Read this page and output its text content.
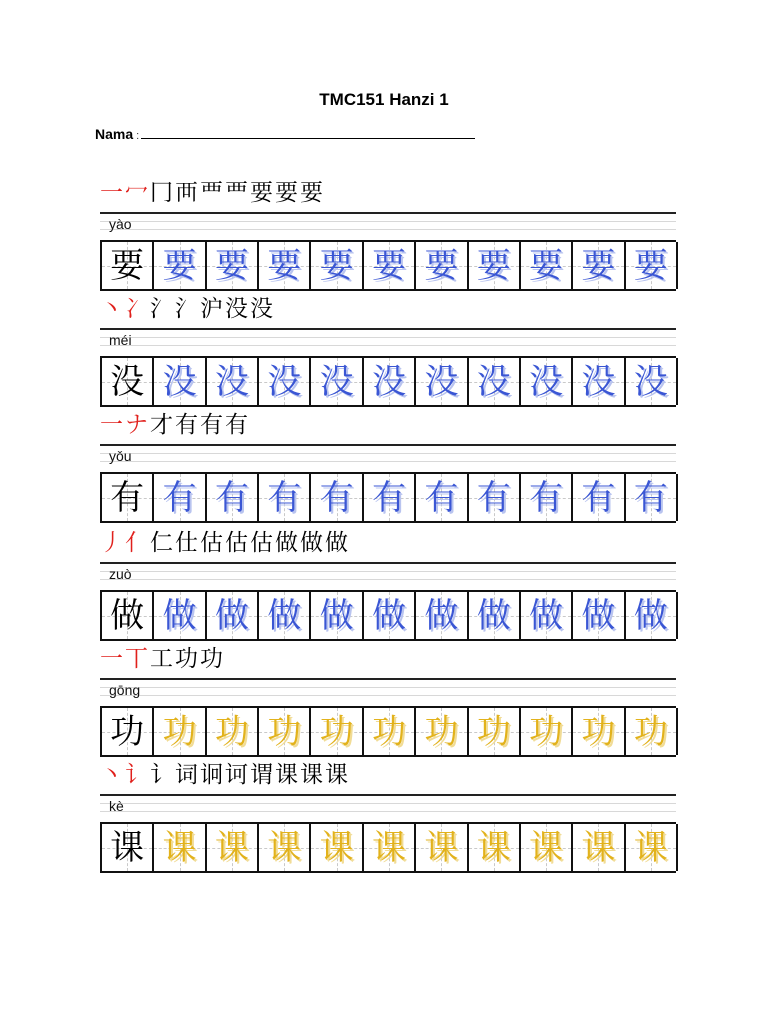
TMC151 Hanzi 1
Nama :
一冖冂襾覀覀要要要
yào
要 要 要 要 要 要 要 要 要 要 要
丶冫氵氵沪没没
méi
没 没 没 没 没 没 没 没 没 没 没
一ナ才有有有
yǒu
有 有 有 有 有 有 有 有 有 有 有
丿亻仁仕估估估做做做
zuò
做 做 做 做 做 做 做 做 做 做 做
一丅工功功
gōng
功 功 功 功 功 功 功 功 功 功 功
丶讠讠词诇诃谓课课课
kè
课 课 课 课 课 课 课 课 课 课 课
